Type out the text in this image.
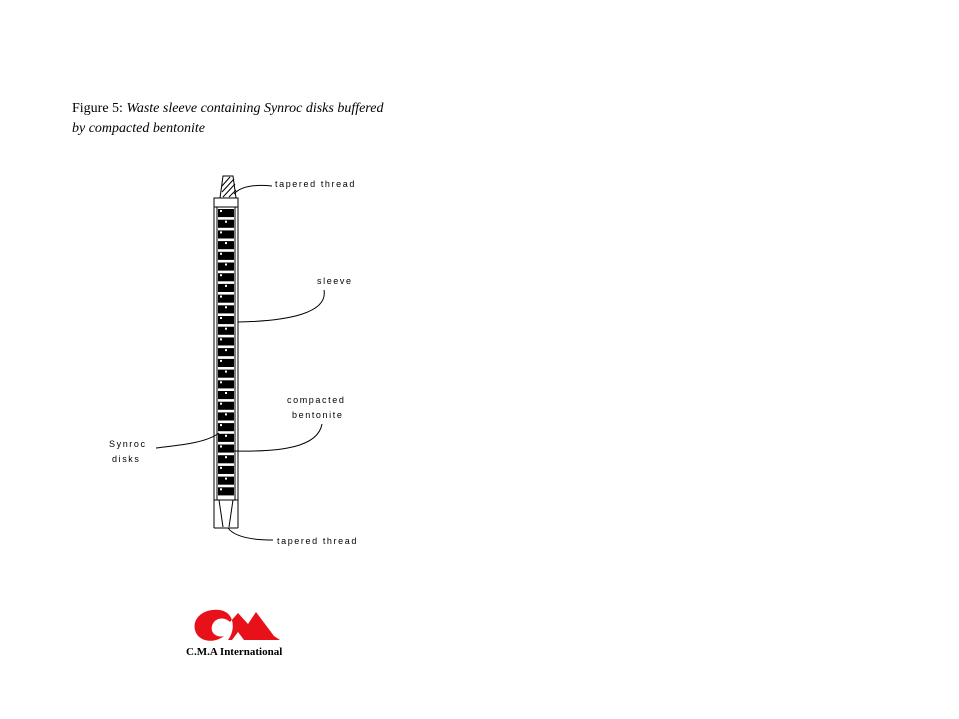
Figure 5: Waste sleeve containing Synroc disks buffered
by compacted bentonite
tapered thread
sleeve
compacted
bentonite
Synroc
disks
tapered thread
C.M.A International
